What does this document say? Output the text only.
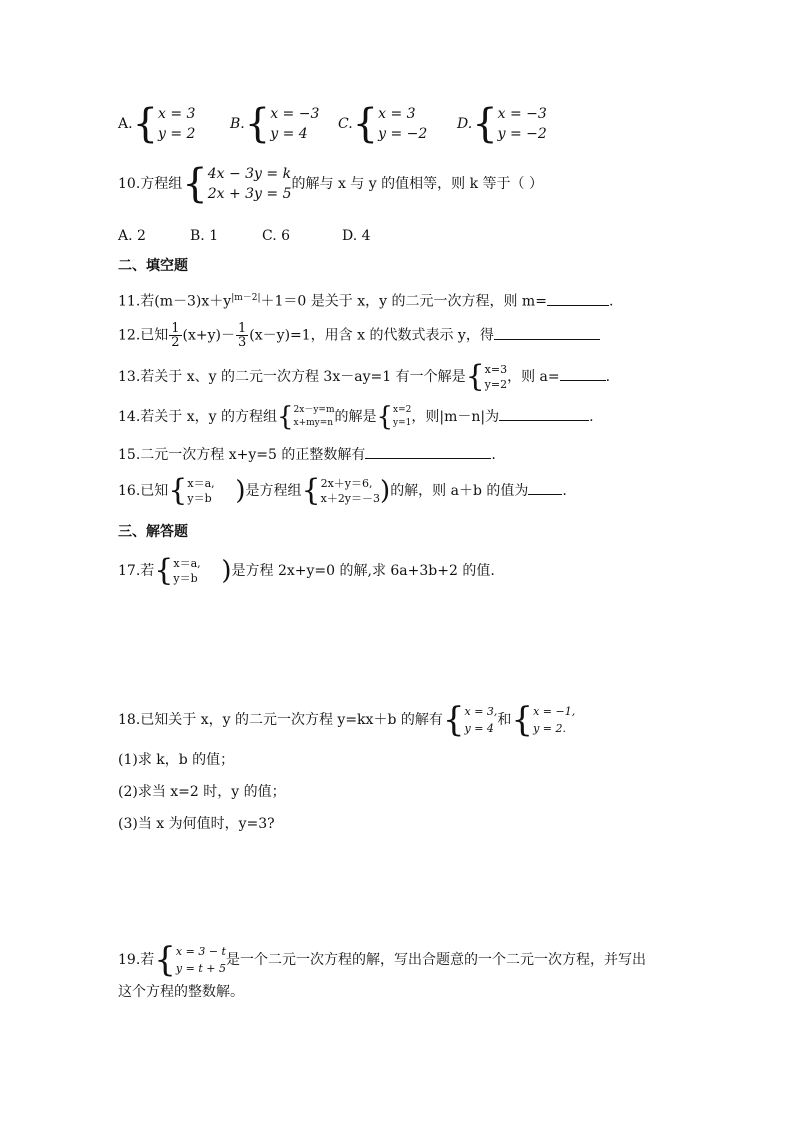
A. { x = 3
y = 2
B. { x = −3
y = 4
C. { x = 3
y = −2
D. { x = −3
y = −2
10.方程组 { 4x − 3y = k
2x + 3y = 5
的解与 x 与 y 的值相等，则 k 等于（ ）
A. 2	B. 1	C. 6	D. 4
二、填空题
11.若$(m-3)x+y^{|m-2|}+1=0$ 是关于 x，y 的二元一次方程，则 m=	.
12.已知 $\frac{1}{2} (x+y)- \frac{1}{3} (x-y)=1$，用含 x 的代数式表示 y，得
13.若关于 x、y 的二元一次方程 3x－ay=1 有一个解是 { x=3
y=2 ，则 a=	.
14.若关于 x，y 的方程组 { 2x－y=m
x+my=n 的解是 { x=2
y=1 ，则|m－n|为	.
15.二元一次方程 x+y=5 的正整数解有	.
16.已知 { x＝a,
y＝b ) 是方程组 { 2x＋y＝6,
x＋2y＝－3 ) 的解，则 a＋b 的值为 .
三、解答题
17.若 { x＝a,
y＝b ) 是方程 2x+y=0 的解,求 6a+3b+2 的值.
18.已知关于 x，y 的二元一次方程 y=kx＋b 的解有 { x = 3,
y = 4
和 { x = −1,
y = 2.
(1)求 k，b 的值；
(2)求当 x=2 时，y 的值；
(3)当 x 为何值时，y=3?
19.若 { x = 3 − t
y = t + 5
是一个二元一次方程的解，写出合题意的一个二元一次方程，并写出
这个方程的整数解。
